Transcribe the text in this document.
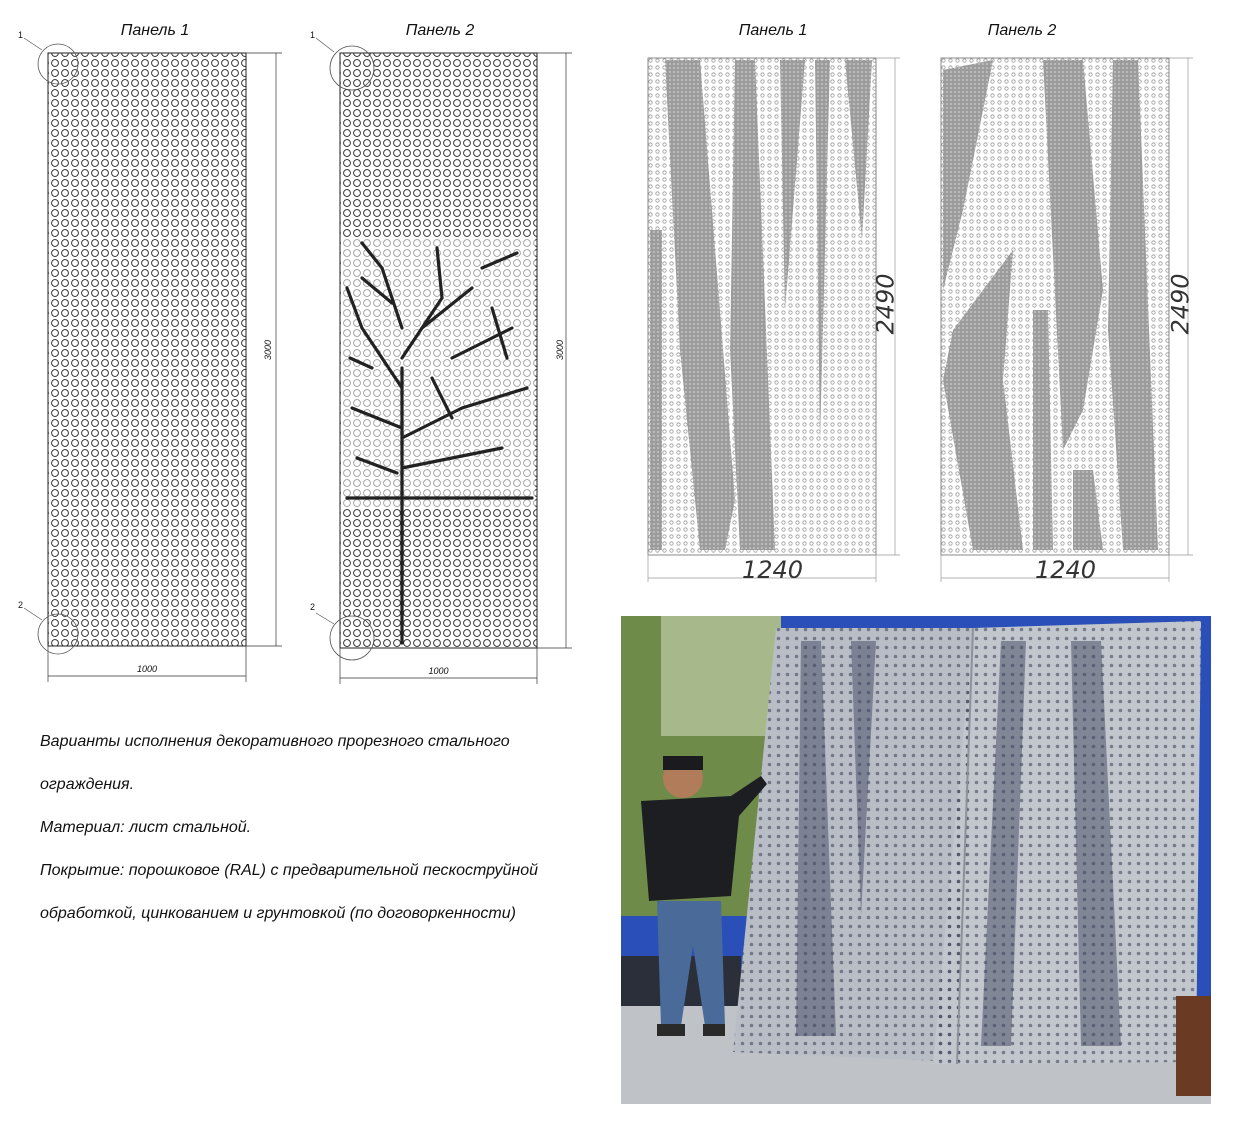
Панель 1
3000
1000
1
2
Панель 2
3000
1000
1
2
Панель 1	Панель 2
2490
1240
2490
1240

Варианты исполнения декоративного прорезного стального

ограждения.

Материал: лист стальной.

Покрытие: порошковое (RAL) с предварительной пескоструйной

обработкой, цинкованием и грунтовкой (по договоркенности)
